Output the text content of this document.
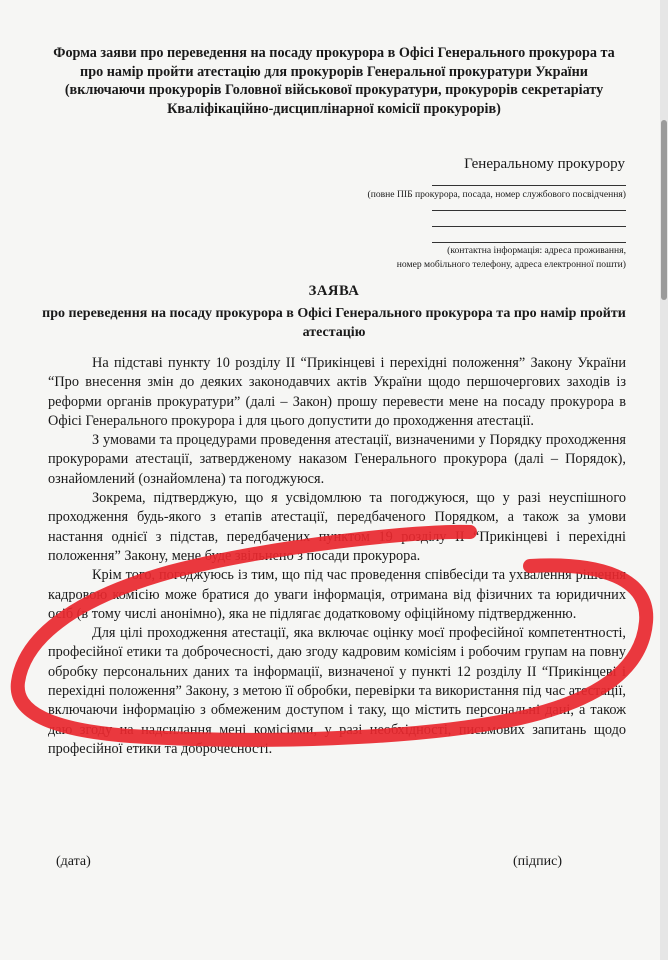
Форма заяви про переведення на посаду прокурора в Офісі Генерального прокурора та про намір пройти атестацію для прокурорів Генеральної прокуратури України (включаючи прокурорів Головної військової прокуратури, прокурорів секретаріату Кваліфікаційно-дисциплінарної комісії прокурорів)
Генеральному прокурору
(повне ПІБ прокурора, посада, номер службового посвідчення)
(контактна інформація: адреса проживання,
номер мобільного телефону, адреса електронної пошти)
ЗАЯВА
про переведення на посаду прокурора в Офісі Генерального прокурора та про намір пройти атестацію

На підставі пункту 10 розділу ІІ “Прикінцеві і перехідні положення” Закону України “Про внесення змін до деяких законодавчих актів України щодо першочергових заходів із реформи органів прокуратури” (далі – Закон) прошу перевести мене на посаду прокурора в Офісі Генерального прокурора і для цього допустити до проходження атестації.

З умовами та процедурами проведення атестації, визначеними у Порядку проходження прокурорами атестації, затвердженому наказом Генерального прокурора (далі – Порядок), ознайомлений (ознайомлена) та погоджуюся.

Зокрема, підтверджую, що я усвідомлюю та погоджуюся, що у разі неуспішного проходження будь-якого з етапів атестації, передбаченого Порядком, а також за умови настання однієї з підстав, передбачених пунктом 19 розділу ІІ “Прикінцеві і перехідні положення” Закону, мене буде звільнено з посади прокурора.

Крім того, погоджуюсь із тим, що під час проведення співбесіди та ухвалення рішення кадровою комісію може братися до уваги інформація, отримана від фізичних та юридичних осіб (в тому числі анонімно), яка не підлягає додатковому офіційному підтвердженню.

Для цілі проходження атестації, яка включає оцінку моєї професійної компетентності, професійної етики та доброчесності, даю згоду кадровим комісіям і робочим групам на повну обробку персональних даних та інформації, визначеної у пункті 12 розділу ІІ “Прикінцеві і перехідні положення” Закону, з метою її обробки, перевірки та використання під час атестації, включаючи інформацію з обмеженим доступом і таку, що містить персональні дані, а також даю згоду на надсилання мені комісіями, у разі необхідності, письмових запитань щодо професійної етики та доброчесності.

(дата)	(підпис)
